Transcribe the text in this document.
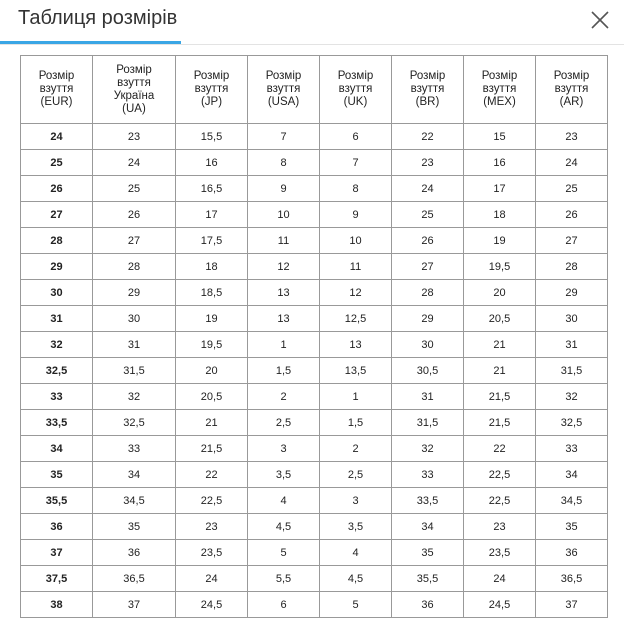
Таблиця розмірів
Розмір
взуття
(EUR)	Розмір
взуття
Україна
(UA)	Розмір
взуття
(JP)	Розмір
взуття
(USA)	Розмір
взуття
(UK)	Розмір
взуття
(BR)	Розмір
взуття
(MEX)	Розмір
взуття
(AR)
24	23	15,5	7	6	22	15	23
25	24	16	8	7	23	16	24
26	25	16,5	9	8	24	17	25
27	26	17	10	9	25	18	26
28	27	17,5	11	10	26	19	27
29	28	18	12	11	27	19,5	28
30	29	18,5	13	12	28	20	29
31	30	19	13	12,5	29	20,5	30
32	31	19,5	1	13	30	21	31
32,5	31,5	20	1,5	13,5	30,5	21	31,5
33	32	20,5	2	1	31	21,5	32
33,5	32,5	21	2,5	1,5	31,5	21,5	32,5
34	33	21,5	3	2	32	22	33
35	34	22	3,5	2,5	33	22,5	34
35,5	34,5	22,5	4	3	33,5	22,5	34,5
36	35	23	4,5	3,5	34	23	35
37	36	23,5	5	4	35	23,5	36
37,5	36,5	24	5,5	4,5	35,5	24	36,5
38	37	24,5	6	5	36	24,5	37
